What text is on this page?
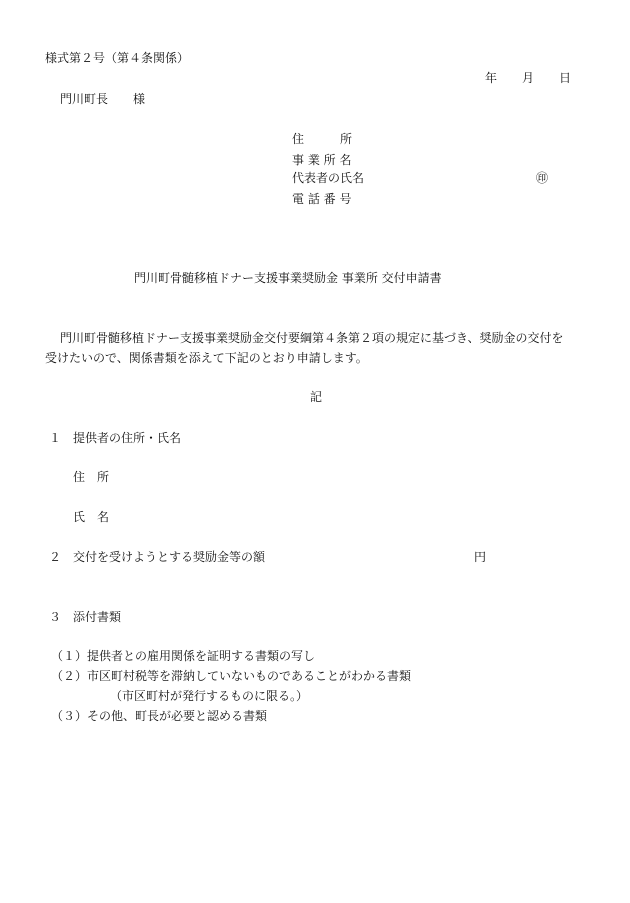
様式第２号（第４条関係）
年 月 日
門川町長 様
住　　　所
事 業 所 名
代表者の氏名	㊞
電 話 番 号
門川町骨髄移植ドナー支援事業奨励金 事業所 交付申請書
門川町骨髄移植ドナー支援事業奨励金交付要綱第４条第２項の規定に基づき、奨励金の交付を
受けたいので、関係書類を添えて下記のとおり申請します。
記
１ 提供者の住所・氏名
住　所
氏　名
２ 交付を受けようとする奨励金等の額	円
３ 添付書類
（１）提供者との雇用関係を証明する書類の写し
（２）市区町村税等を滞納していないものであることがわかる書類
（市区町村が発行するものに限る。）
（３）その他、町長が必要と認める書類
